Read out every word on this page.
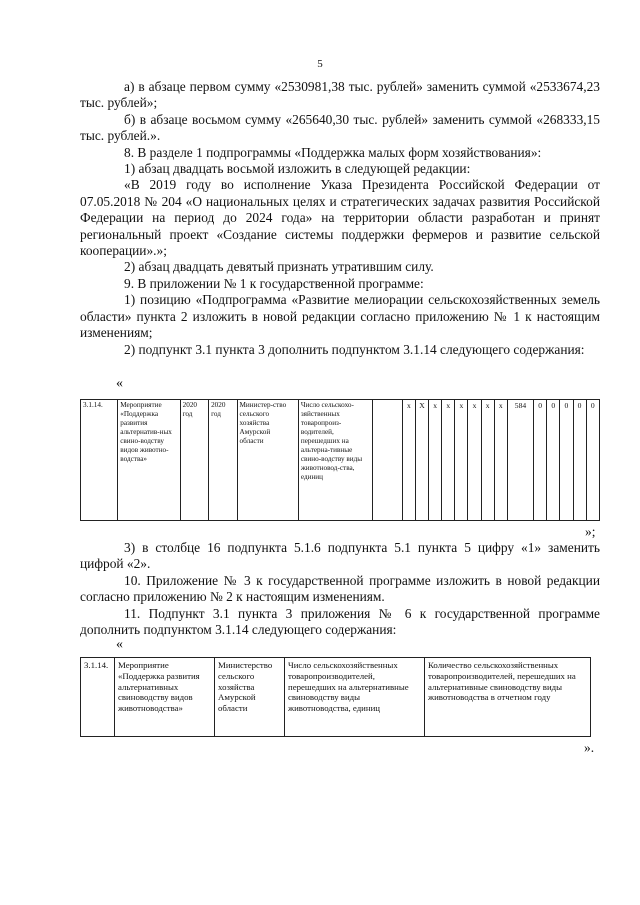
5

а) в абзаце первом сумму «2530981,38 тыс. рублей» заменить суммой «2533674,23 тыс. рублей»;

б) в абзаце восьмом сумму «265640,30 тыс. рублей» заменить суммой «268333,15 тыс. рублей.».

8. В разделе 1 подпрограммы «Поддержка малых форм хозяйствования»:

1) абзац двадцать восьмой изложить в следующей редакции:

«В 2019 году во исполнение Указа Президента Российской Федерации от 07.05.2018 № 204 «О национальных целях и стратегических задачах развития Российской Федерации на период до 2024 года» на территории области разработан и принят региональный проект «Создание системы поддержки фермеров и развитие сельской кооперации».»;

2) абзац двадцать девятый признать утратившим силу.

9. В приложении № 1 к государственной программе:

1) позицию «Подпрограмма «Развитие мелиорации сельскохозяйственных земель области» пункта 2 изложить в новой редакции согласно приложению № 1 к настоящим изменениям;

2) подпункт 3.1 пункта 3 дополнить подпунктом 3.1.14 следующего содержания:

«
3.1.14.	Мероприятие «Поддержка развития альтернатив-ных свино-водству видов животно-водства»	2020 год	2020 год	Министер-ство сельского хозяйства Амурской области	Число сельскохо-зяйственных товаропроиз-водителей, перешедших на альтерна-тивные свино-водству виды животновод-ства, единиц		x	X	x	x	x	x	x	x	584	0	0	0	0	0
»;

3) в столбце 16 подпункта 5.1.6 подпункта 5.1 пункта 5 цифру «1» заменить цифрой «2».

10. Приложение № 3 к государственной программе изложить в новой редакции согласно приложению № 2 к настоящим изменениям.

11. Подпункт 3.1 пункта 3 приложения № 6 к государственной программе дополнить подпунктом 3.1.14 следующего содержания:

«
3.1.14.	Мероприятие «Поддержка развития альтернативных свиноводству видов животноводства»	Министерство сельского хозяйства Амурской области	Число сельскохозяйственных товаропроизводителей, перешедших на альтернативные свиноводству виды животноводства, единиц	Количество сельскохозяйственных товаропроизводителей, перешедших на альтернативные свиноводству виды животноводства в отчетном году
».
